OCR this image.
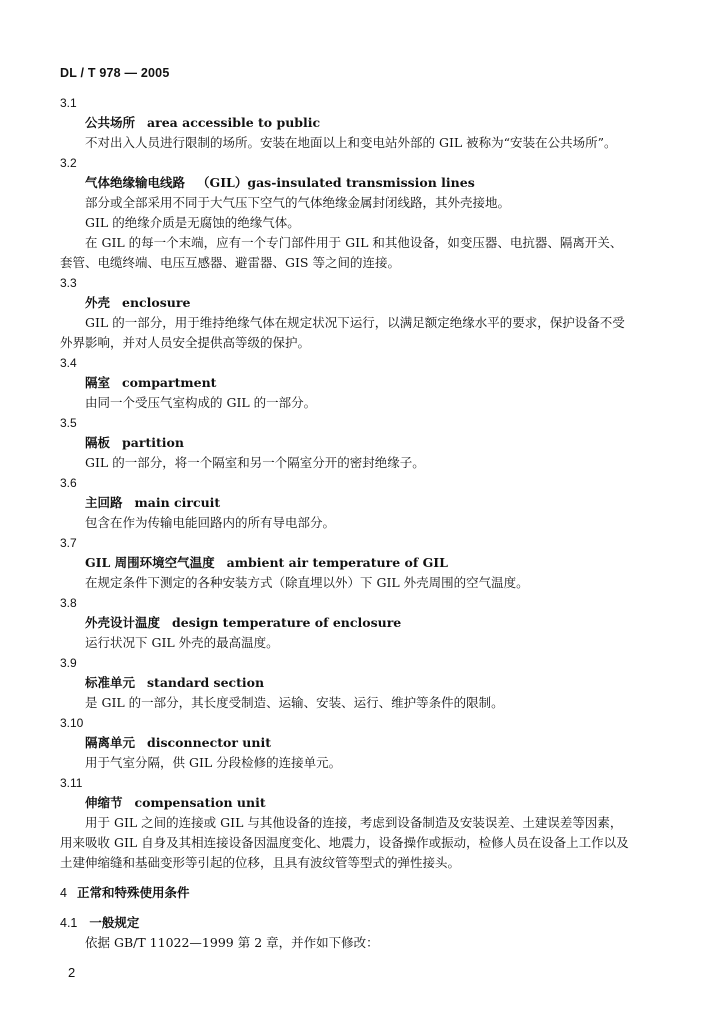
DL / T 978 — 2005
3.1
公共场所 area accessible to public
不对出入人员进行限制的场所。安装在地面以上和变电站外部的 GIL 被称为“安装在公共场所”。
3.2
气体绝缘输电线路 （GIL）gas-insulated transmission lines
部分或全部采用不同于大气压下空气的气体绝缘金属封闭线路，其外壳接地。
GIL 的绝缘介质是无腐蚀的绝缘气体。
在 GIL 的每一个末端，应有一个专门部件用于 GIL 和其他设备，如变压器、电抗器、隔离开关、
套管、电缆终端、电压互感器、避雷器、GIS 等之间的连接。
3.3
外壳 enclosure
GIL 的一部分，用于维持绝缘气体在规定状况下运行，以满足额定绝缘水平的要求，保护设备不受
外界影响，并对人员安全提供高等级的保护。
3.4
隔室 compartment
由同一个受压气室构成的 GIL 的一部分。
3.5
隔板 partition
GIL 的一部分，将一个隔室和另一个隔室分开的密封绝缘子。
3.6
主回路 main circuit
包含在作为传输电能回路内的所有导电部分。
3.7
GIL 周围环境空气温度 ambient air temperature of GIL
在规定条件下测定的各种安装方式（除直埋以外）下 GIL 外壳周围的空气温度。
3.8
外壳设计温度 design temperature of enclosure
运行状况下 GIL 外壳的最高温度。
3.9
标准单元 standard section
是 GIL 的一部分，其长度受制造、运输、安装、运行、维护等条件的限制。
3.10
隔离单元 disconnector unit
用于气室分隔，供 GIL 分段检修的连接单元。
3.11
伸缩节 compensation unit
用于 GIL 之间的连接或 GIL 与其他设备的连接，考虑到设备制造及安装误差、土建误差等因素，
用来吸收 GIL 自身及其相连接设备因温度变化、地震力，设备操作或振动，检修人员在设备上工作以及
土建伸缩缝和基础变形等引起的位移，且具有波纹管等型式的弹性接头。
4 正常和特殊使用条件
4.1 一般规定
依据 GB/T 11022—1999 第 2 章，并作如下修改：
2
